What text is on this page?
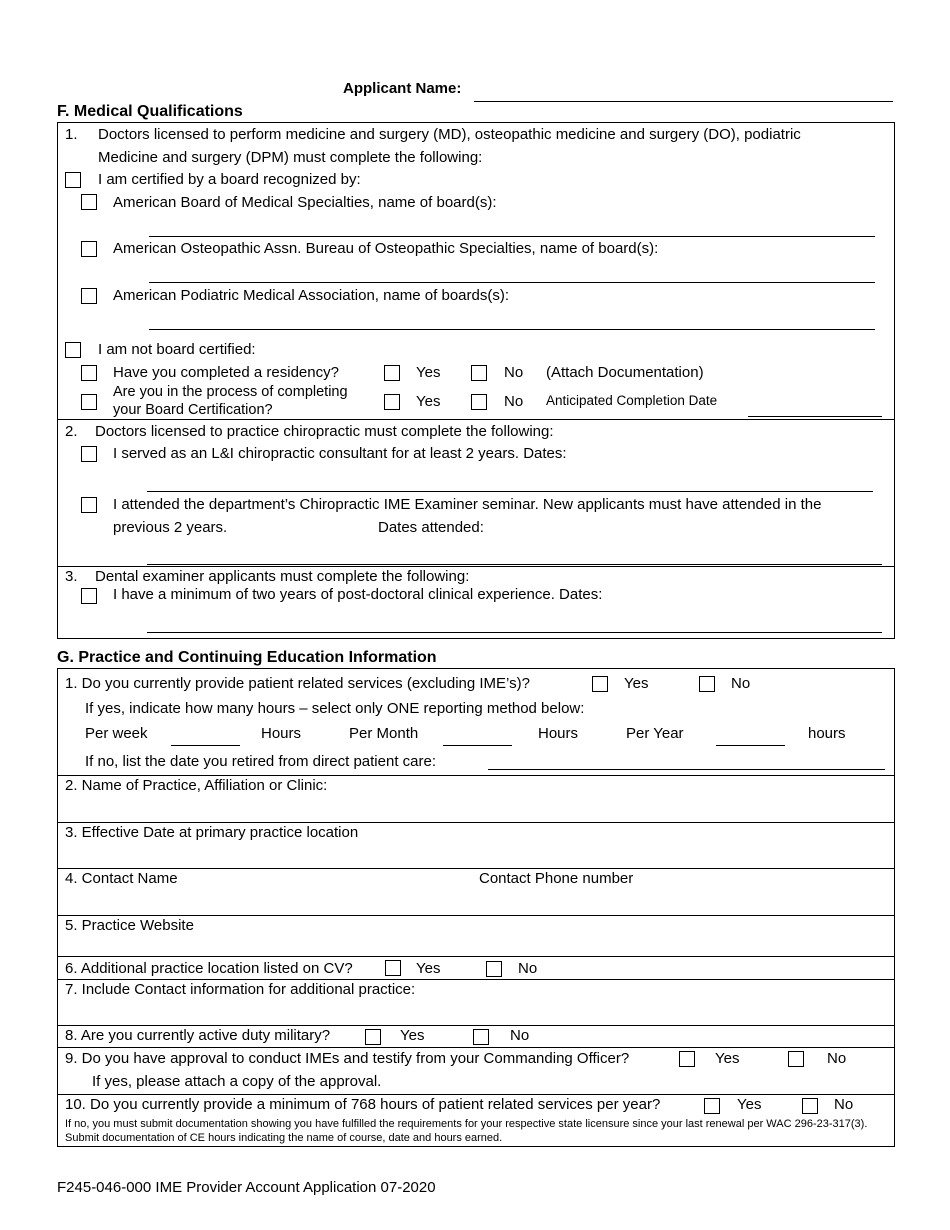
Applicant Name:
F. Medical Qualifications
1. Doctors licensed to perform medicine and surgery (MD), osteopathic medicine and surgery (DO), podiatric
Medicine and surgery (DPM) must complete the following:
I am certified by a board recognized by:
American Board of Medical Specialties, name of board(s):
American Osteopathic Assn. Bureau of Osteopathic Specialties, name of board(s):
American Podiatric Medical Association, name of boards(s):
I am not board certified:
Have you completed a residency?	Yes	No (Attach Documentation)
Are you in the process of completing
your Board Certification?	Yes	No Anticipated Completion Date
2. Doctors licensed to practice chiropractic must complete the following:
I served as an L&I chiropractic consultant for at least 2 years. Dates:
I attended the department’s Chiropractic IME Examiner seminar. New applicants must have attended in the
previous 2 years.	Dates attended:
3. Dental examiner applicants must complete the following:
I have a minimum of two years of post-doctoral clinical experience. Dates:
G. Practice and Continuing Education Information
1. Do you currently provide patient related services (excluding IME’s)?	Yes	No
If yes, indicate how many hours – select only ONE reporting method below:
Per week	Hours	Per Month	Hours	Per Year	hours
If no, list the date you retired from direct patient care:
2. Name of Practice, Affiliation or Clinic:
3. Effective Date at primary practice location
4. Contact Name	Contact Phone number
5. Practice Website
6. Additional practice location listed on CV?	Yes	No
7. Include Contact information for additional practice:
8. Are you currently active duty military?	Yes	No
9. Do you have approval to conduct IMEs and testify from your Commanding Officer?	Yes	No
If yes, please attach a copy of the approval.
10. Do you currently provide a minimum of 768 hours of patient related services per year?	Yes	No
If no, you must submit documentation showing you have fulfilled the requirements for your respective state licensure since your last renewal per WAC 296-23-317(3). Submit documentation of CE hours indicating the name of course, date and hours earned.
F245-046-000 IME Provider Account Application 07-2020
